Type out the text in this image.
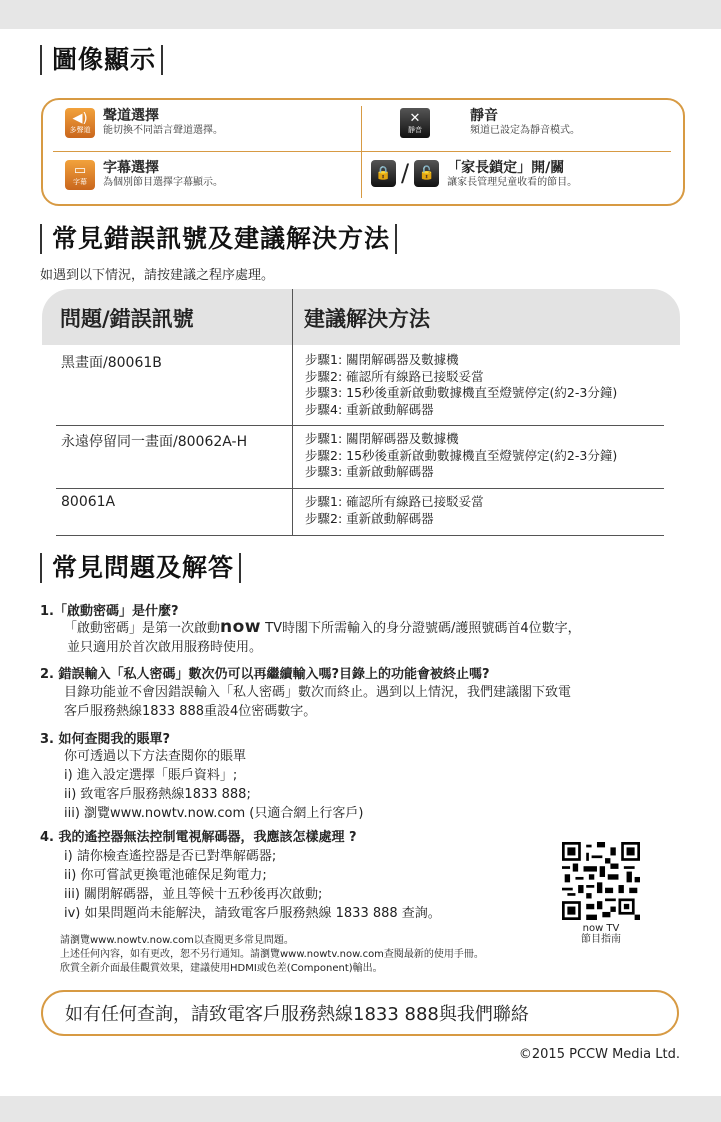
圖像顯示
◀)
多聲道
聲道選擇
能切換不同語言聲道選擇。
✕
靜音
靜音
頻道已設定為靜音模式。
▭
字幕
字幕選擇
為個別節目選擇字幕顯示。
🔒 / 🔓 「家長鎖定」開/關
讓家長管理兒童收看的節目。
常見錯誤訊號及建議解決方法
如遇到以下情況，請按建議之程序處理。
問題/錯誤訊號	建議解決方法
黑畫面/80061B	步驟1: 關閉解碼器及數據機
步驟2: 確認所有線路已接駁妥當
步驟3: 15秒後重新啟動數據機直至燈號停定(約2-3分鐘)
步驟4: 重新啟動解碼器
永遠停留同一畫面/80062A-H	步驟1: 關閉解碼器及數據機
步驟2: 15秒後重新啟動數據機直至燈號停定(約2-3分鐘)
步驟3: 重新啟動解碼器
80061A	步驟1: 確認所有線路已接駁妥當
步驟2: 重新啟動解碼器
常見問題及解答
1.「啟動密碼」是什麼?
「啟動密碼」是第一次啟動now TV時閣下所需輸入的身分證號碼/護照號碼首4位數字，
並只適用於首次啟用服務時使用。
2. 錯誤輸入「私人密碼」數次仍可以再繼續輸入嗎?目錄上的功能會被終止嗎?
目錄功能並不會因錯誤輸入「私人密碼」數次而終止。遇到以上情況，我們建議閣下致電
客戶服務熱線1833 888重設4位密碼數字。
3. 如何查閱我的賬單?
你可透過以下方法查閱你的賬單
i) 進入設定選擇「賬戶資料」;
ii) 致電客戶服務熱線1833 888;
iii) 瀏覽www.nowtv.now.com (只適合網上行客戶)
4. 我的遙控器無法控制電視解碼器，我應該怎樣處理 ?
i) 請你檢查遙控器是否已對準解碼器;
ii) 你可嘗試更換電池確保足夠電力;
iii) 關閉解碼器，並且等候十五秒後再次啟動;
iv) 如果問題尚未能解決，請致電客戶服務熱線 1833 888 查詢。
now TV
節目指南
請瀏覽www.nowtv.now.com以查閱更多常見問題。
上述任何內容，如有更改，恕不另行通知。請瀏覽www.nowtv.now.com查閱最新的使用手冊。
欣賞全新介面最佳觀賞效果，建議使用HDMI或色差(Component)輸出。
如有任何查詢，請致電客戶服務熱線1833 888與我們聯絡
©2015 PCCW Media Ltd.
